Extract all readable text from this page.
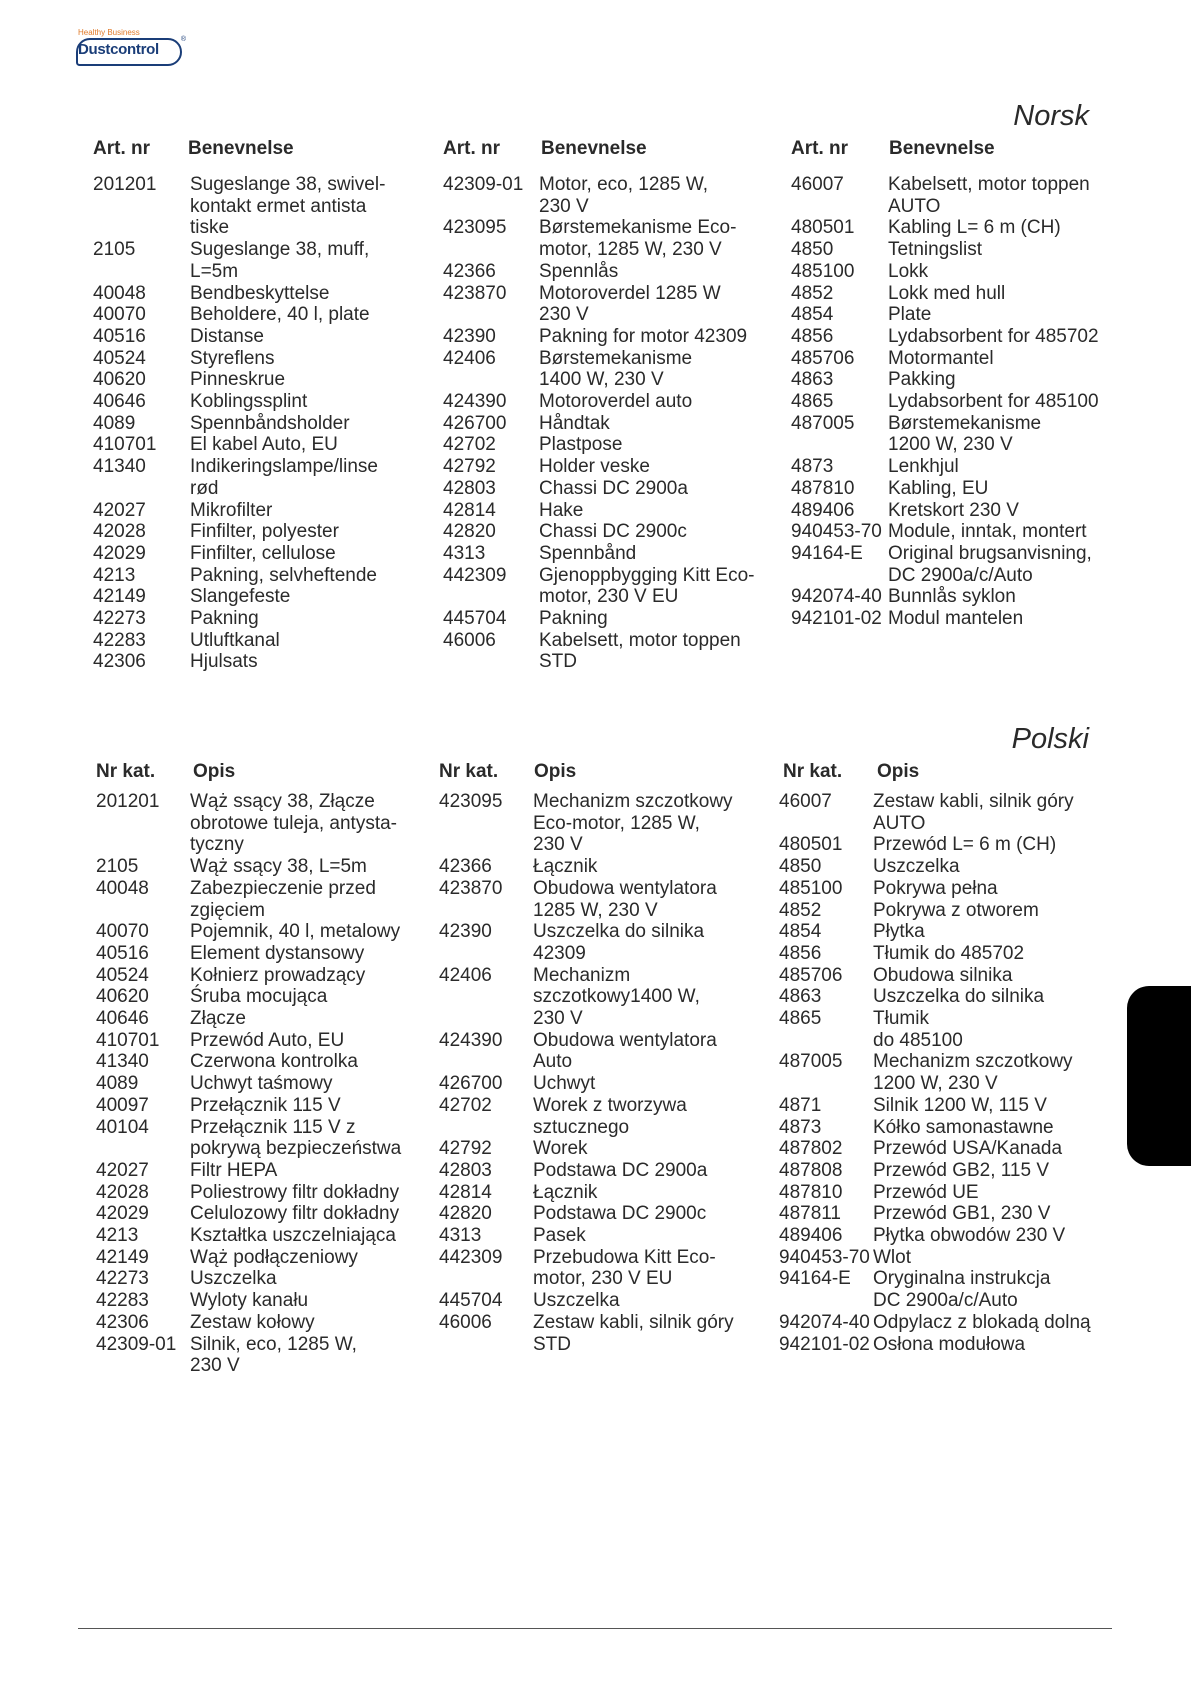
Healthy Business
Dustcontrol
®
Norsk
Art. nr Benevnelse
201201 Sugeslange 38, swivel-
kontakt ermet antista
tiske
2105	Sugeslange 38, muff,
L=5m
40048 Bendbeskyttelse
40070 Beholdere, 40 l, plate
40516 Distanse
40524 Styreflens
40620 Pinneskrue
40646 Koblingssplint
4089	Spennbåndsholder
410701 El kabel Auto, EU
41340 Indikeringslampe/linse
rød
42027 Mikrofilter
42028 Finfilter, polyester
42029 Finfilter, cellulose
4213	Pakning, selvheftende
42149 Slangefeste
42273 Pakning
42283 Utluftkanal
42306 Hjulsats
Art. nr Benevnelse
42309-01 Motor, eco, 1285 W,
230 V
423095 Børstemekanisme Eco-
motor, 1285 W, 230 V
42366 Spennlås
423870 Motoroverdel 1285 W
230 V
42390 Pakning for motor 42309
42406 Børstemekanisme
1400 W, 230 V
424390 Motoroverdel auto
426700 Håndtak
42702 Plastpose
42792 Holder veske
42803 Chassi DC 2900a
42814 Hake
42820 Chassi DC 2900c
4313	Spennbånd
442309 Gjenoppbygging Kitt Eco-
motor, 230 V EU
445704 Pakning
46006 Kabelsett, motor toppen
STD
Art. nr Benevnelse
46007 Kabelsett, motor toppen
AUTO
480501 Kabling L= 6 m (CH)
4850	Tetningslist
485100 Lokk
4852	Lokk med hull
4854	Plate
4856	Lydabsorbent for 485702
485706 Motormantel
4863	Pakking
4865	Lydabsorbent for 485100
487005 Børstemekanisme
1200 W, 230 V
4873	Lenkhjul
487810 Kabling, EU
489406 Kretskort 230 V
940453-70 Module, inntak, montert
94164-E Original brugsanvisning,
DC 2900a/c/Auto
942074-40 Bunnlås syklon
942101-02 Modul mantelen
Polski
Nr kat. Opis
201201 Wąż ssący 38, Złącze
obrotowe tuleja, antysta-
tyczny
2105	Wąż ssący 38, L=5m
40048 Zabezpieczenie przed
zgięciem
40070 Pojemnik, 40 l, metalowy
40516 Element dystansowy
40524 Kołnierz prowadzący
40620 Śruba mocująca
40646 Złącze
410701 Przewód Auto, EU
41340 Czerwona kontrolka
4089	Uchwyt taśmowy
40097 Przełącznik 115 V
40104 Przełącznik 115 V z
pokrywą bezpieczeństwa
42027 Filtr HEPA
42028 Poliestrowy filtr dokładny
42029 Celulozowy filtr dokładny
4213	Kształtka uszczelniająca
42149 Wąż podłączeniowy
42273 Uszczelka
42283 Wyloty kanału
42306 Zestaw kołowy
42309-01 Silnik, eco, 1285 W,
230 V
Nr kat. Opis
423095 Mechanizm szczotkowy
Eco-motor, 1285 W,
230 V
42366 Łącznik
423870 Obudowa wentylatora
1285 W, 230 V
42390 Uszczelka do silnika
42309
42406 Mechanizm
szczotkowy1400 W,
230 V
424390 Obudowa wentylatora
Auto
426700 Uchwyt
42702 Worek z tworzywa
sztucznego
42792 Worek
42803 Podstawa DC 2900a
42814 Łącznik
42820 Podstawa DC 2900c
4313	Pasek
442309 Przebudowa Kitt Eco-
motor, 230 V EU
445704 Uszczelka
46006 Zestaw kabli, silnik góry
STD
Nr kat. Opis
46007 Zestaw kabli, silnik góry
AUTO
480501 Przewód L= 6 m (CH)
4850	Uszczelka
485100 Pokrywa pełna
4852	Pokrywa z otworem
4854	Płytka
4856	Tłumik do 485702
485706 Obudowa silnika
4863	Uszczelka do silnika
4865	Tłumik
do 485100
487005 Mechanizm szczotkowy
1200 W, 230 V
4871	Silnik 1200 W, 115 V
4873	Kółko samonastawne
487802 Przewód USA/Kanada
487808 Przewód GB2, 115 V
487810 Przewód UE
487811 Przewód GB1, 230 V
489406 Płytka obwodów 230 V
940453-70 Wlot
94164-E Oryginalna instrukcja
DC 2900a/c/Auto
942074-40 Odpylacz z blokadą dolną
942101-02 Osłona modułowa
